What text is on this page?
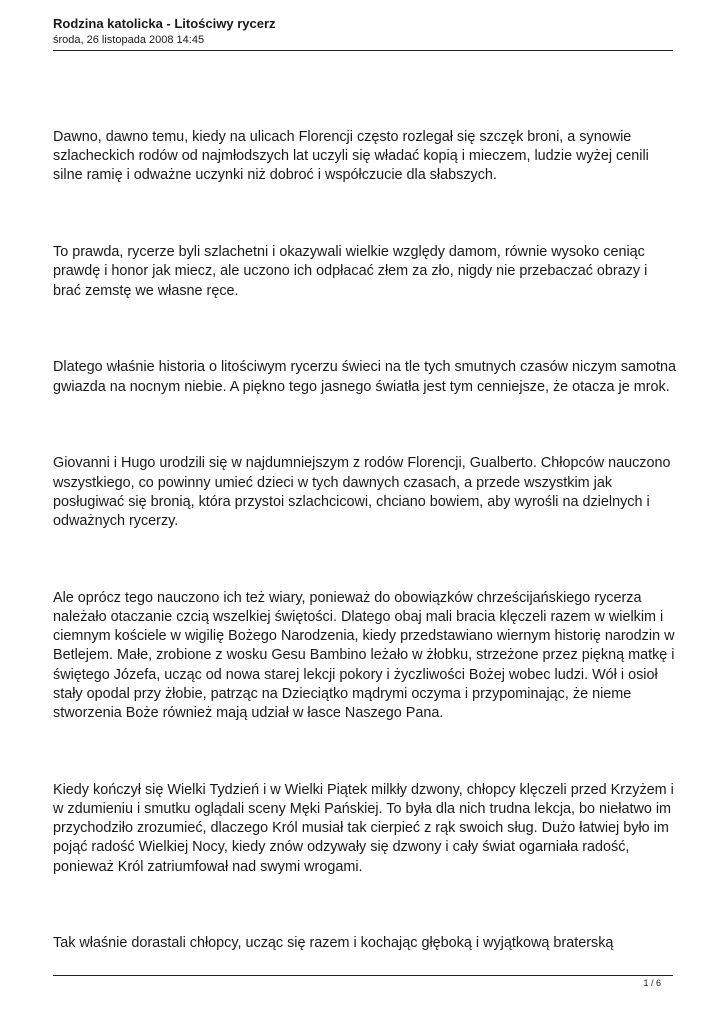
Rodzina katolicka - Litościwy rycerz

środa, 26 listopada 2008 14:45

Dawno, dawno temu, kiedy na ulicach Florencji często rozlegał się szczęk broni, a synowie szlacheckich rodów od najmłodszych lat uczyli się władać kopią i mieczem, ludzie wyżej cenili silne ramię i odważne uczynki niż dobroć i współczucie dla słabszych.

To prawda, rycerze byli szlachetni i okazywali wielkie względy damom, równie wysoko ceniąc prawdę i honor jak miecz, ale uczono ich odpłacać złem za zło, nigdy nie przebaczać obrazy i brać zemstę we własne ręce.

Dlatego właśnie historia o litościwym rycerzu świeci na tle tych smutnych czasów niczym samotna gwiazda na nocnym niebie. A piękno tego jasnego światła jest tym cenniejsze, że otacza je mrok.

Giovanni i Hugo urodzili się w najdumniejszym z rodów Florencji, Gualberto. Chłopców nauczono wszystkiego, co powinny umieć dzieci w tych dawnych czasach, a przede wszystkim jak posługiwać się bronią, która przystoi szlachcicowi, chciano bowiem, aby wyrośli na dzielnych i odważnych rycerzy.

Ale oprócz tego nauczono ich też wiary, ponieważ do obowiązków chrześcijańskiego rycerza należało otaczanie czcią wszelkiej świętości. Dlatego obaj mali bracia klęczeli razem w wielkim i ciemnym kościele w wigilię Bożego Narodzenia, kiedy przedstawiano wiernym historię narodzin w Betlejem. Małe, zrobione z wosku Gesu Bambino leżało w żłobku, strzeżone przez piękną matkę i świętego Józefa, ucząc od nowa starej lekcji pokory i życzliwości Bożej wobec ludzi. Wół i osioł stały opodal przy żłobie, patrząc na Dzieciątko mądrymi oczyma i przypominając, że nieme stworzenia Boże również mają udział w łasce Naszego Pana.

Kiedy kończył się Wielki Tydzień i w Wielki Piątek milkły dzwony, chłopcy klęczeli przed Krzyżem i w zdumieniu i smutku oglądali sceny Męki Pańskiej. To była dla nich trudna lekcja, bo niełatwo im przychodziło zrozumieć, dlaczego Król musiał tak cierpieć z rąk swoich sług. Dużo łatwiej było im pojąć radość Wielkiej Nocy, kiedy znów odzywały się dzwony i cały świat ogarniała radość, ponieważ Król zatriumfował nad swymi wrogami.

Tak właśnie dorastali chłopcy, ucząc się razem i kochając głęboką i wyjątkową braterską

1 / 6
